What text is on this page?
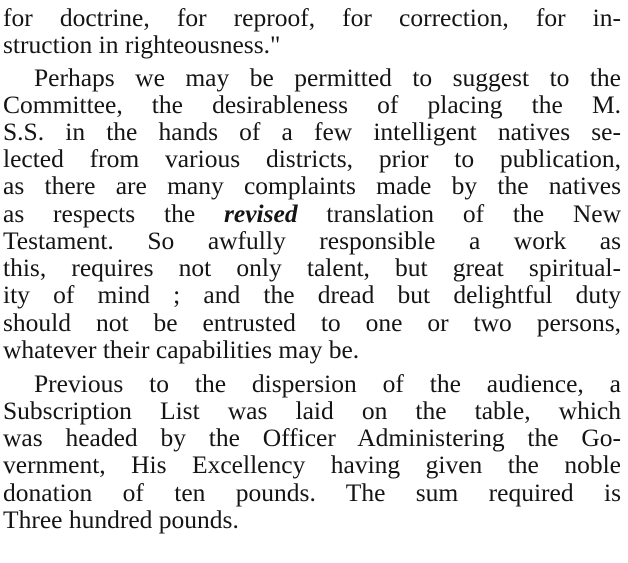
for doctrine, for reproof, for correction, for in-
struction in righteousness."
Perhaps we may be permitted to suggest to the
Committee, the desirableness of placing the M.
S.S. in the hands of a few intelligent natives se-
lected from various districts, prior to publication,
as there are many complaints made by the natives
as respects the revised translation of the New
Testament. So awfully responsible a work as
this, requires not only talent, but great spiritual-
ity of mind ; and the dread but delightful duty
should not be entrusted to one or two persons,
whatever their capabilities may be.
Previous to the dispersion of the audience, a
Subscription List was laid on the table, which
was headed by the Officer Administering the Go-
vernment, His Excellency having given the noble
donation of ten pounds. The sum required is
Three hundred pounds.
